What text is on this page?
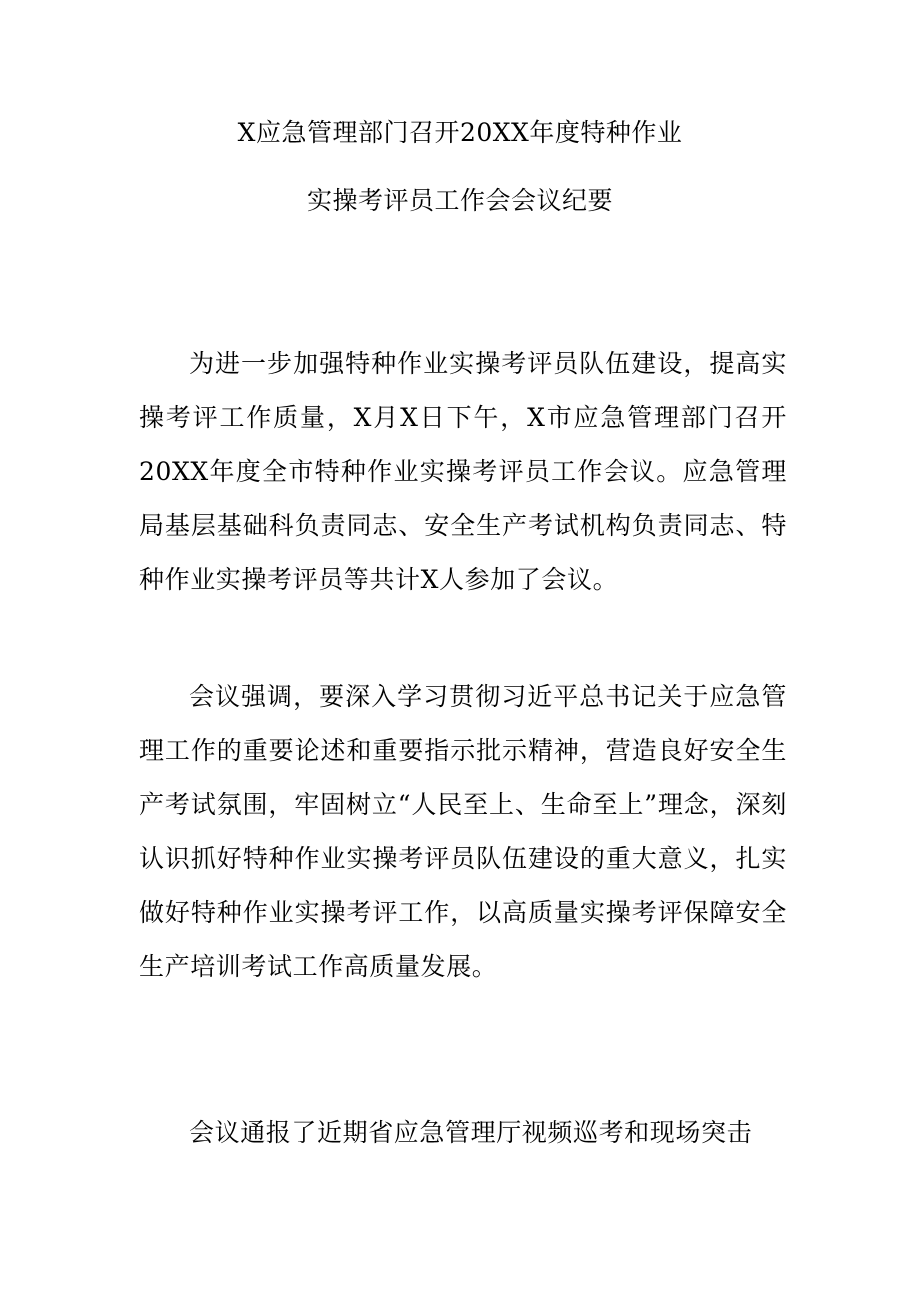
X应急管理部门召开20XX年度特种作业
实操考评员工作会会议纪要

为进一步加强特种作业实操考评员队伍建设，提高实操考评工作质量，X月X日下午，X市应急管理部门召开20XX年度全市特种作业实操考评员工作会议。应急管理局基层基础科负责同志、安全生产考试机构负责同志、特种作业实操考评员等共计X人参加了会议。

会议强调，要深入学习贯彻习近平总书记关于应急管理工作的重要论述和重要指示批示精神，营造良好安全生产考试氛围，牢固树立“人民至上、生命至上”理念，深刻认识抓好特种作业实操考评员队伍建设的重大意义，扎实做好特种作业实操考评工作，以高质量实操考评保障安全生产培训考试工作高质量发展。

会议通报了近期省应急管理厅视频巡考和现场突击
